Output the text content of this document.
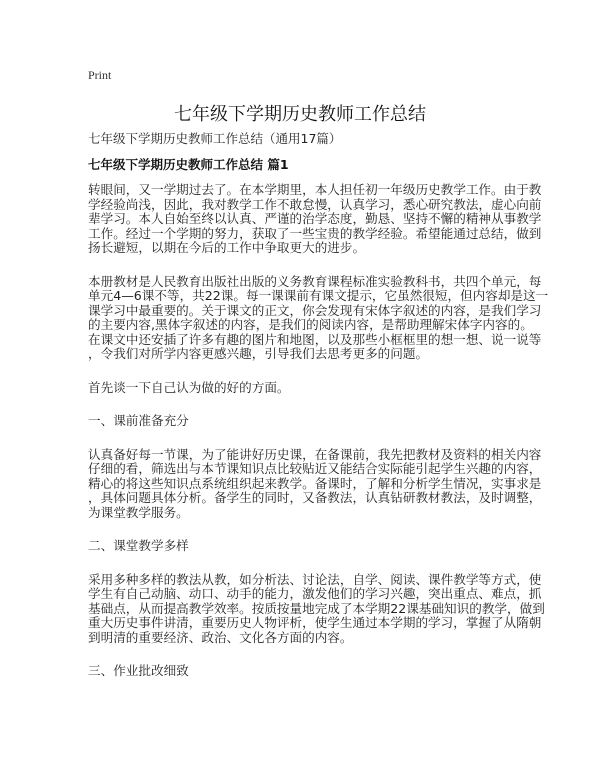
Print
七年级下学期历史教师工作总结
七年级下学期历史教师工作总结（通用17篇）
七年级下学期历史教师工作总结 篇1
转眼间，又一学期过去了。在本学期里，本人担任初一年级历史教学工作。由于教
学经验尚浅，因此，我对教学工作不敢怠慢，认真学习，悉心研究教法，虚心向前
辈学习。本人自始至终以认真、严谨的治学态度，勤恳、坚持不懈的精神从事教学
工作。经过一个学期的努力，获取了一些宝贵的教学经验。希望能通过总结，做到
扬长避短，以期在今后的工作中争取更大的进步。
本册教材是人民教育出版社出版的义务教育课程标准实验教科书，共四个单元，每
单元4—6课不等，共22课。每一课课前有课文提示，它虽然很短，但内容却是这一
课学习中最重要的。关于课文的正文，你会发现有宋体字叙述的内容，是我们学习
的主要内容,黑体字叙述的内容，是我们的阅读内容，是帮助理解宋体字内容的。
在课文中还安插了许多有趣的图片和地图，以及那些小框框里的想一想、说一说等
，令我们对所学内容更感兴趣，引导我们去思考更多的问题。
首先谈一下自己认为做的好的方面。
一、课前准备充分
认真备好每一节课，为了能讲好历史课，在备课前，我先把教材及资料的相关内容
仔细的看，筛选出与本节课知识点比较贴近又能结合实际能引起学生兴趣的内容，
精心的将这些知识点系统组织起来教学。备课时，了解和分析学生情况，实事求是
，具体问题具体分析。备学生的同时，又备教法，认真钻研教材教法，及时调整，
为课堂教学服务。
二、课堂教学多样
采用多种多样的教法从教，如分析法、讨论法，自学、阅读、课件教学等方式，使
学生有自己动脑、动口、动手的能力，激发他们的学习兴趣，突出重点、难点，抓
基础点，从而提高教学效率。按质按量地完成了本学期22课基础知识的教学，做到
重大历史事件讲清，重要历史人物评析，使学生通过本学期的学习，掌握了从隋朝
到明清的重要经济、政治、文化各方面的内容。
三、作业批改细致
